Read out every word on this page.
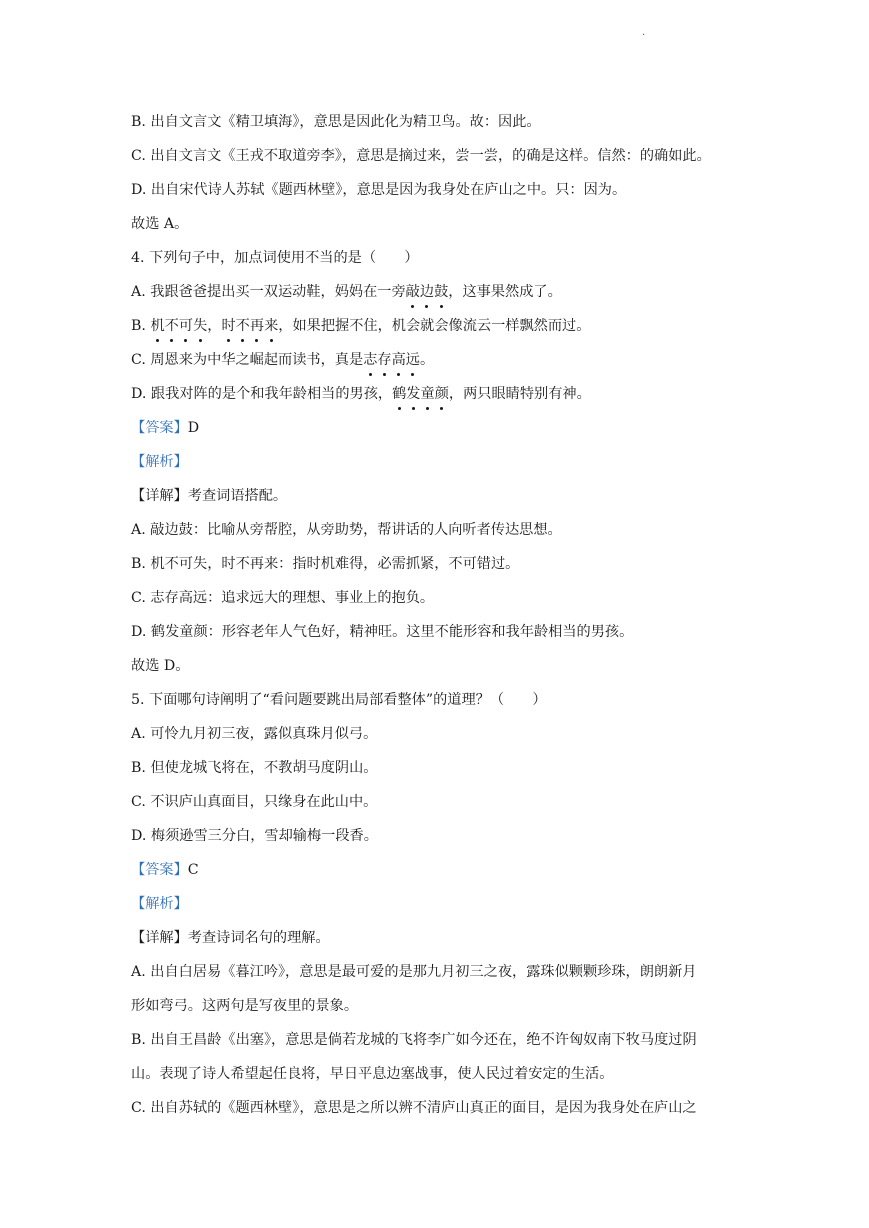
·
B. 出自文言文《精卫填海》，意思是因此化为精卫鸟。故：因此。
C. 出自文言文《王戎不取道旁李》，意思是摘过来，尝一尝，的确是这样。信然：的确如此。
D. 出自宋代诗人苏轼《题西林壁》，意思是因为我身处在庐山之中。只：因为。
故选 A。
4. 下列句子中，加点词使用不当的是（　　）
A. 我跟爸爸提出买一双运动鞋，妈妈在一旁敲边鼓，这事果然成了。
B. 机不可失，时不再来，如果把握不住，机会就会像流云一样飘然而过。
C. 周恩来为中华之崛起而读书，真是志存高远。
D. 跟我对阵的是个和我年龄相当的男孩，鹤发童颜，两只眼睛特别有神。
【答案】D
【解析】
【详解】考查词语搭配。
A. 敲边鼓：比喻从旁帮腔，从旁助势，帮讲话的人向听者传达思想。
B. 机不可失，时不再来：指时机难得，必需抓紧，不可错过。
C. 志存高远：追求远大的理想、事业上的抱负。
D. 鹤发童颜：形容老年人气色好，精神旺。这里不能形容和我年龄相当的男孩。
故选 D。
5. 下面哪句诗阐明了“看问题要跳出局部看整体”的道理？（　　）
A. 可怜九月初三夜，露似真珠月似弓。
B. 但使龙城飞将在，不教胡马度阴山。
C. 不识庐山真面目，只缘身在此山中。
D. 梅须逊雪三分白，雪却输梅一段香。
【答案】C
【解析】
【详解】考查诗词名句的理解。
A. 出自白居易《暮江吟》，意思是最可爱的是那九月初三之夜，露珠似颗颗珍珠，朗朗新月
形如弯弓。这两句是写夜里的景象。
B. 出自王昌龄《出塞》，意思是倘若龙城的飞将李广如今还在，绝不许匈奴南下牧马度过阴
山。表现了诗人希望起任良将，早日平息边塞战事，使人民过着安定的生活。
C. 出自苏轼的《题西林壁》，意思是之所以辨不清庐山真正的面目，是因为我身处在庐山之
